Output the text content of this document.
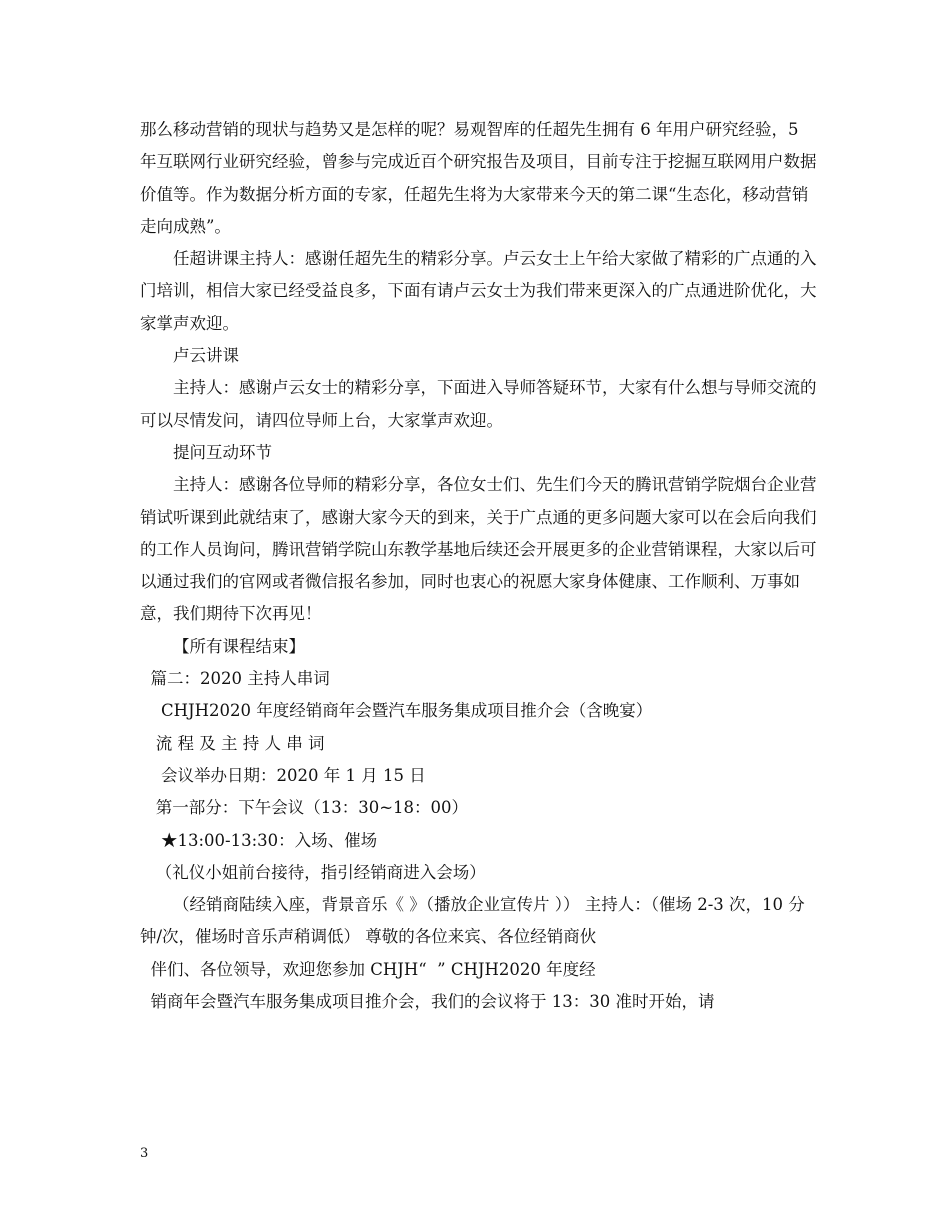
那么移动营销的现状与趋势又是怎样的呢？易观智库的任超先生拥有 6 年用户研究经验，5 年互联网行业研究经验，曾参与完成近百个研究报告及项目，目前专注于挖掘互联网用户数据价值等。作为数据分析方面的专家，任超先生将为大家带来今天的第二课“生态化，移动营销走向成熟”。

任超讲课主持人：感谢任超先生的精彩分享。卢云女士上午给大家做了精彩的广点通的入门培训，相信大家已经受益良多，下面有请卢云女士为我们带来更深入的广点通进阶优化，大家掌声欢迎。

卢云讲课

主持人：感谢卢云女士的精彩分享，下面进入导师答疑环节，大家有什么想与导师交流的可以尽情发问，请四位导师上台，大家掌声欢迎。

提问互动环节

主持人：感谢各位导师的精彩分享，各位女士们、先生们今天的腾讯营销学院烟台企业营销试听课到此就结束了，感谢大家今天的到来，关于广点通的更多问题大家可以在会后向我们的工作人员询问，腾讯营销学院山东教学基地后续还会开展更多的企业营销课程，大家以后可以通过我们的官网或者微信报名参加，同时也衷心的祝愿大家身体健康、工作顺利、万事如意，我们期待下次再见！

【所有课程结束】

篇二：2020 主持人串词

CHJH2020 年度经销商年会暨汽车服务集成项目推介会（含晚宴）

流 程 及 主 持 人 串 词

会议举办日期：2020 年 1 月 15 日

第一部分：下午会议（13：30~18：00）

★13:00-13:30：入场、催场

（礼仪小姐前台接待，指引经销商进入会场）

（经销商陆续入座，背景音乐《 》（播放企业宣传片 ）） 主持人：（催场 2-3 次，10 分钟/次，催场时音乐声稍调低） 尊敬的各位来宾、各位经销商伙

伴们、各位领导，欢迎您参加 CHJH“  ” CHJH2020 年度经

销商年会暨汽车服务集成项目推介会，我们的会议将于 13：30 准时开始，请

3
